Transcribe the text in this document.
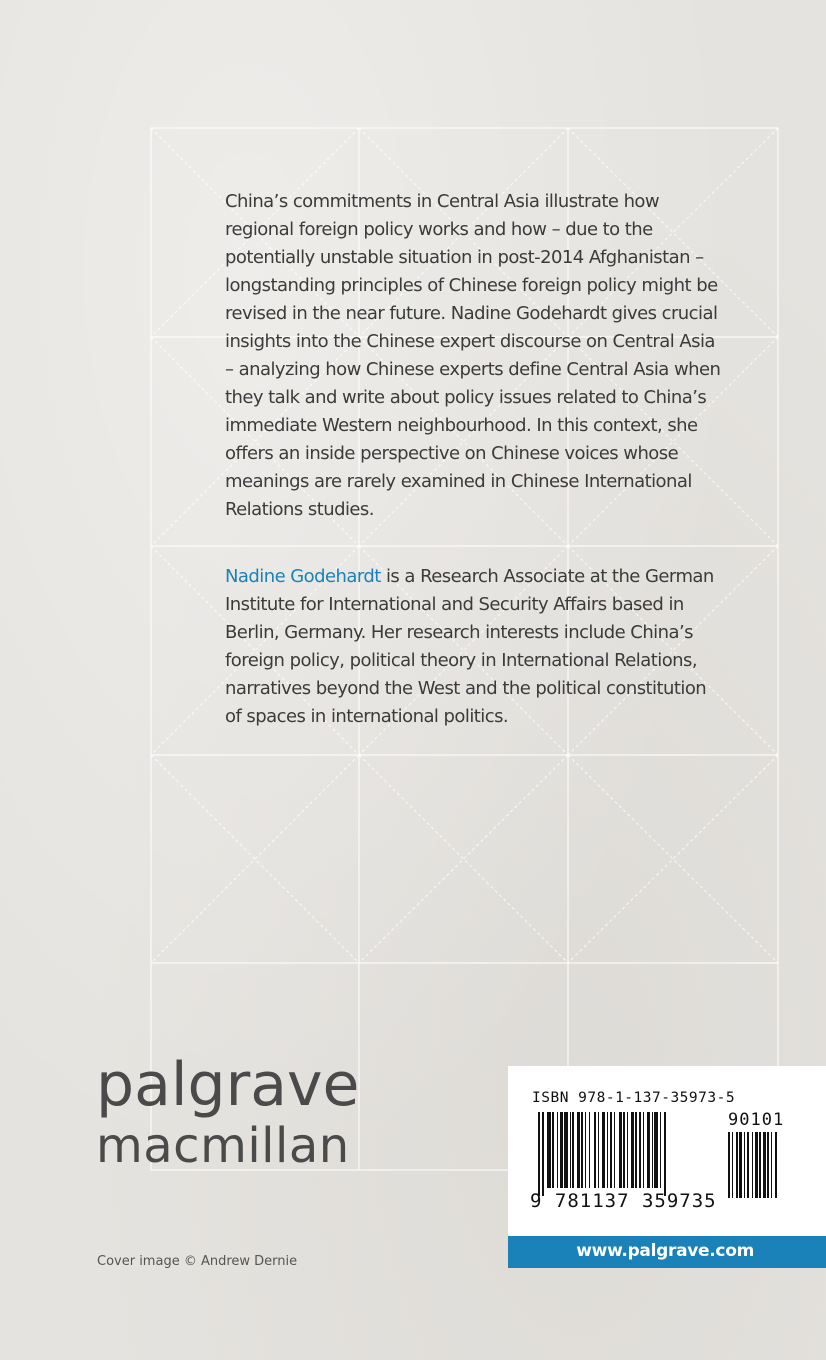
China’s commitments in Central Asia illustrate how regional foreign policy works and how – due to the potentially unstable situation in post-2014 Afghanistan – longstanding principles of Chinese foreign policy might be revised in the near future. Nadine Godehardt gives crucial insights into the Chinese expert discourse on Central Asia – analyzing how Chinese experts define Central Asia when they talk and write about policy issues related to China’s immediate Western neighbourhood. In this context, she offers an inside perspective on Chinese voices whose meanings are rarely examined in Chinese International Relations studies.
Nadine Godehardt is a Research Associate at the German Institute for International and Security Affairs based in Berlin, Germany. Her research interests include China’s foreign policy, political theory in International Relations, narratives beyond the West and the political constitution of spaces in international politics.
palgrave
macmillan
Cover image © Andrew Dernie
ISBN 978-1-137-35973-5
90101
9 781137 359735
www.palgrave.com
